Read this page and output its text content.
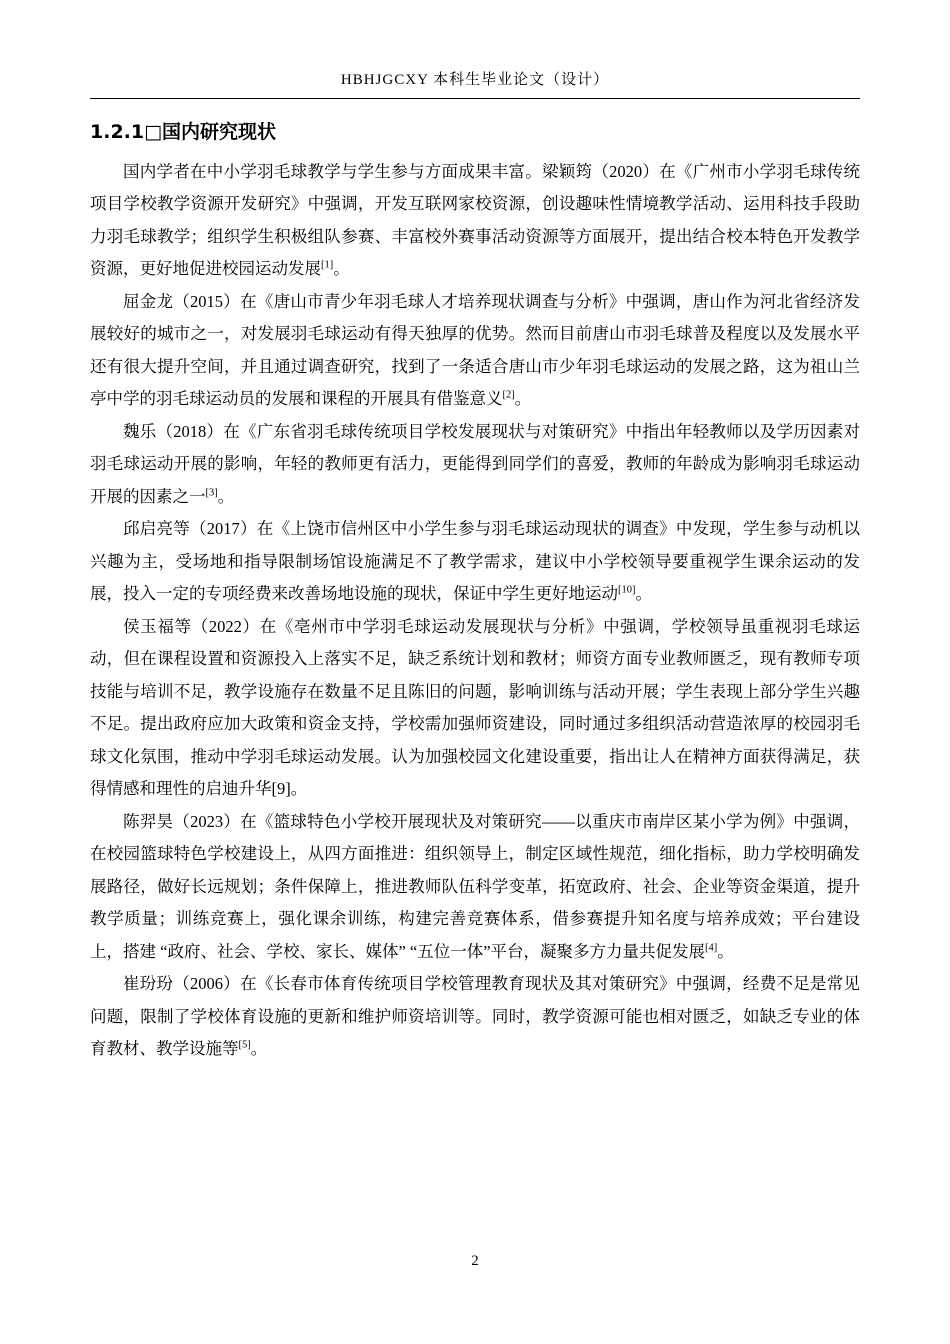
HBHJGCXY 本科生毕业论文（设计）
1.2.1□国内研究现状

国内学者在中小学羽毛球教学与学生参与方面成果丰富。梁颖筠（2020）在《广州市小学羽毛球传统项目学校教学资源开发研究》中强调，开发互联网家校资源，创设趣味性情境教学活动、运用科技手段助力羽毛球教学；组织学生积极组队参赛、丰富校外赛事活动资源等方面展开，提出结合校本特色开发教学资源，更好地促进校园运动发展[1]。

屈金龙（2015）在《唐山市青少年羽毛球人才培养现状调查与分析》中强调，唐山作为河北省经济发展较好的城市之一，对发展羽毛球运动有得天独厚的优势。然而目前唐山市羽毛球普及程度以及发展水平还有很大提升空间，并且通过调查研究，找到了一条适合唐山市少年羽毛球运动的发展之路，这为祖山兰亭中学的羽毛球运动员的发展和课程的开展具有借鉴意义[2]。

魏乐（2018）在《广东省羽毛球传统项目学校发展现状与对策研究》中指出年轻教师以及学历因素对羽毛球运动开展的影响，年轻的教师更有活力，更能得到同学们的喜爱，教师的年龄成为影响羽毛球运动开展的因素之一[3]。

邱启亮等（2017）在《上饶市信州区中小学生参与羽毛球运动现状的调查》中发现，学生参与动机以兴趣为主，受场地和指导限制场馆设施满足不了教学需求，建议中小学校领导要重视学生课余运动的发展，投入一定的专项经费来改善场地设施的现状，保证中学生更好地运动[10]。

侯玉福等（2022）在《亳州市中学羽毛球运动发展现状与分析》中强调，学校领导虽重视羽毛球运动，但在课程设置和资源投入上落实不足，缺乏系统计划和教材；师资方面专业教师匮乏，现有教师专项技能与培训不足，教学设施存在数量不足且陈旧的问题，影响训练与活动开展；学生表现上部分学生兴趣不足。提出政府应加大政策和资金支持，学校需加强师资建设，同时通过多组织活动营造浓厚的校园羽毛球文化氛围，推动中学羽毛球运动发展。认为加强校园文化建设重要，指出让人在精神方面获得满足，获得情感和理性的启迪升华[9]。

陈羿昊（2023）在《篮球特色小学校开展现状及对策研究——以重庆市南岸区某小学为例》中强调，在校园篮球特色学校建设上，从四方面推进：组织领导上，制定区域性规范，细化指标，助力学校明确发展路径，做好长远规划；条件保障上，推进教师队伍科学变革，拓宽政府、社会、企业等资金渠道，提升教学质量；训练竞赛上，强化课余训练，构建完善竞赛体系，借参赛提升知名度与培养成效；平台建设上，搭建 “政府、社会、学校、家长、媒体” “五位一体”平台，凝聚多方力量共促发展[4]。

崔玢玢（2006）在《长春市体育传统项目学校管理教育现状及其对策研究》中强调，经费不足是常见问题，限制了学校体育设施的更新和维护师资培训等。同时，教学资源可能也相对匮乏，如缺乏专业的体育教材、教学设施等[5]。

2
